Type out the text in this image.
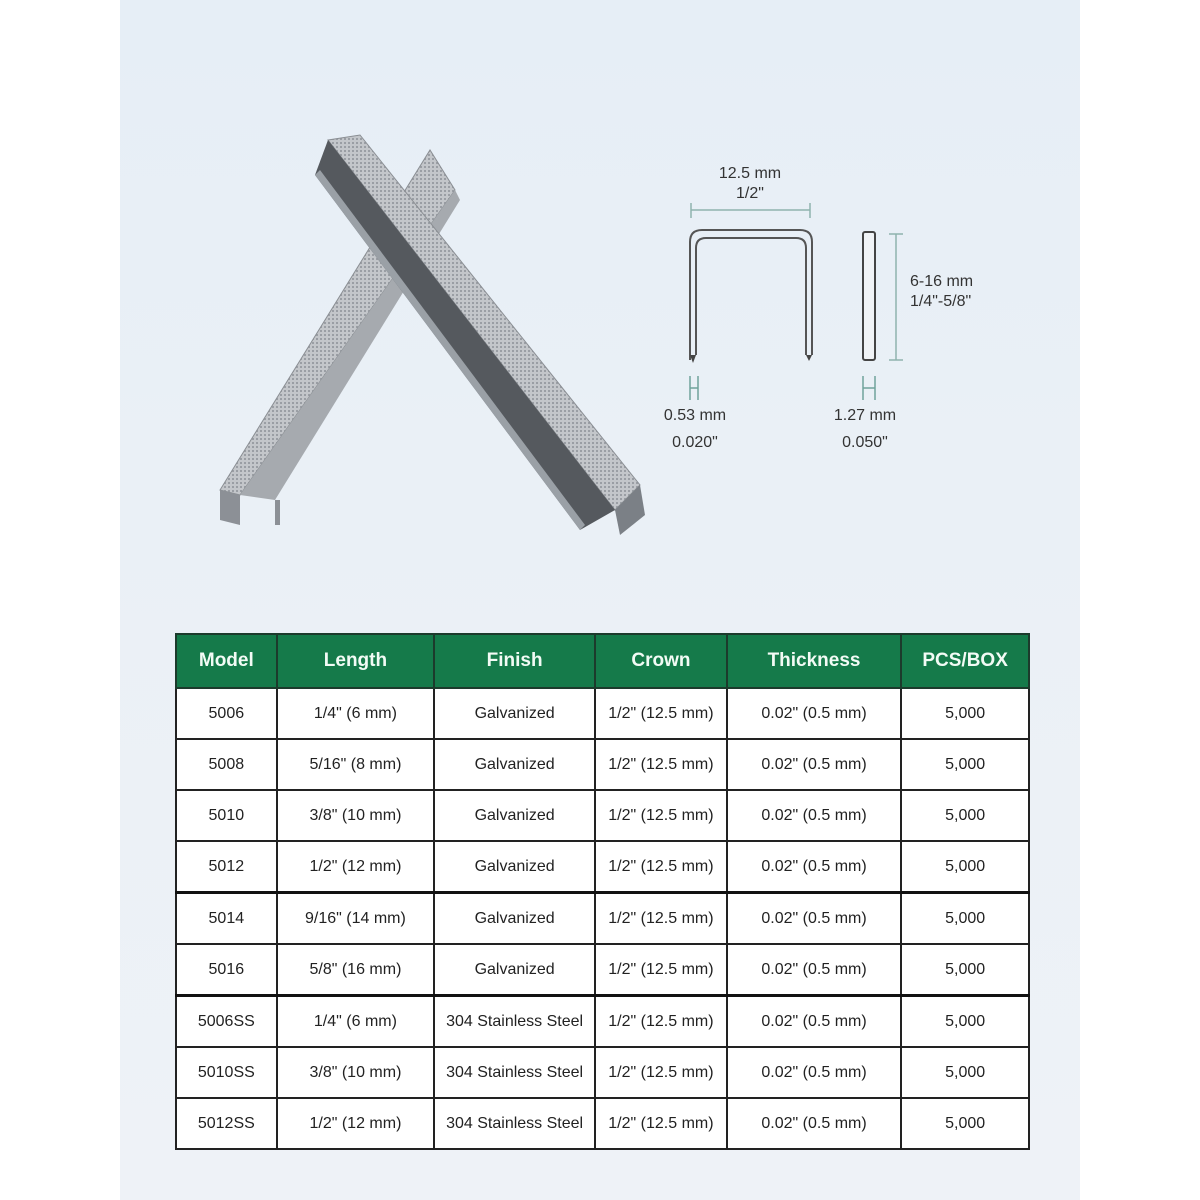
12.5 mm
1/2"
6-16 mm
1/4"-5/8"
0.53 mm
0.020"
1.27 mm
0.050"
Model	Length	Finish	Crown	Thickness	PCS/BOX
5006	1/4" (6 mm)	Galvanized	1/2" (12.5 mm)	0.02" (0.5 mm)	5,000
5008	5/16" (8 mm)	Galvanized	1/2" (12.5 mm)	0.02" (0.5 mm)	5,000
5010	3/8" (10 mm)	Galvanized	1/2" (12.5 mm)	0.02" (0.5 mm)	5,000
5012	1/2" (12 mm)	Galvanized	1/2" (12.5 mm)	0.02" (0.5 mm)	5,000
5014	9/16" (14 mm)	Galvanized	1/2" (12.5 mm)	0.02" (0.5 mm)	5,000
5016	5/8" (16 mm)	Galvanized	1/2" (12.5 mm)	0.02" (0.5 mm)	5,000
5006SS	1/4" (6 mm)	304 Stainless Steel	1/2" (12.5 mm)	0.02" (0.5 mm)	5,000
5010SS	3/8" (10 mm)	304 Stainless Steel	1/2" (12.5 mm)	0.02" (0.5 mm)	5,000
5012SS	1/2" (12 mm)	304 Stainless Steel	1/2" (12.5 mm)	0.02" (0.5 mm)	5,000
